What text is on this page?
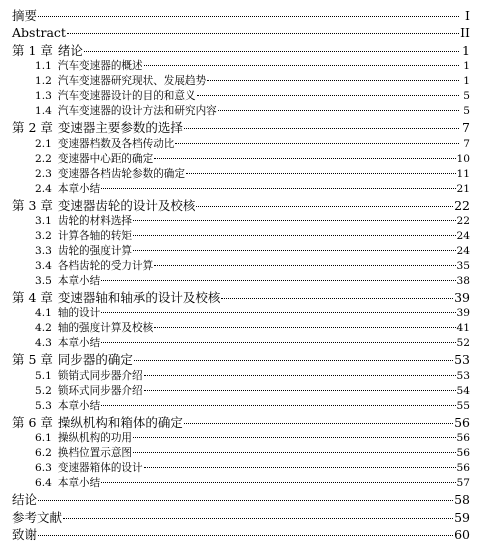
摘要	I
Abstract	II
第 1 章 绪论	1
1.1 汽车变速器的概述	1
1.2 汽车变速器研究现状、发展趋势	1
1.3 汽车变速器设计的目的和意义	5
1.4 汽车变速器的设计方法和研究内容	5
第 2 章 变速器主要参数的选择	7
2.1 变速器档数及各档传动比	7
2.2 变速器中心距的确定	10
2.3 变速器各档齿轮参数的确定	11
2.4 本章小结	21
第 3 章 变速器齿轮的设计及校核	22
3.1 齿轮的材料选择	22
3.2 计算各轴的转矩	24
3.3 齿轮的强度计算	24
3.4 各档齿轮的受力计算	35
3.5 本章小结	38
第 4 章 变速器轴和轴承的设计及校核	39
4.1 轴的设计	39
4.2 轴的强度计算及校核	41
4.3 本章小结	52
第 5 章 同步器的确定	53
5.1 锁销式同步器介绍	53
5.2 锁环式同步器介绍	54
5.3 本章小结	55
第 6 章 操纵机构和箱体的确定	56
6.1 操纵机构的功用	56
6.2 换档位置示意图	56
6.3 变速器箱体的设计	56
6.4 本章小结	57
结论	58
参考文献	59
致谢	60
